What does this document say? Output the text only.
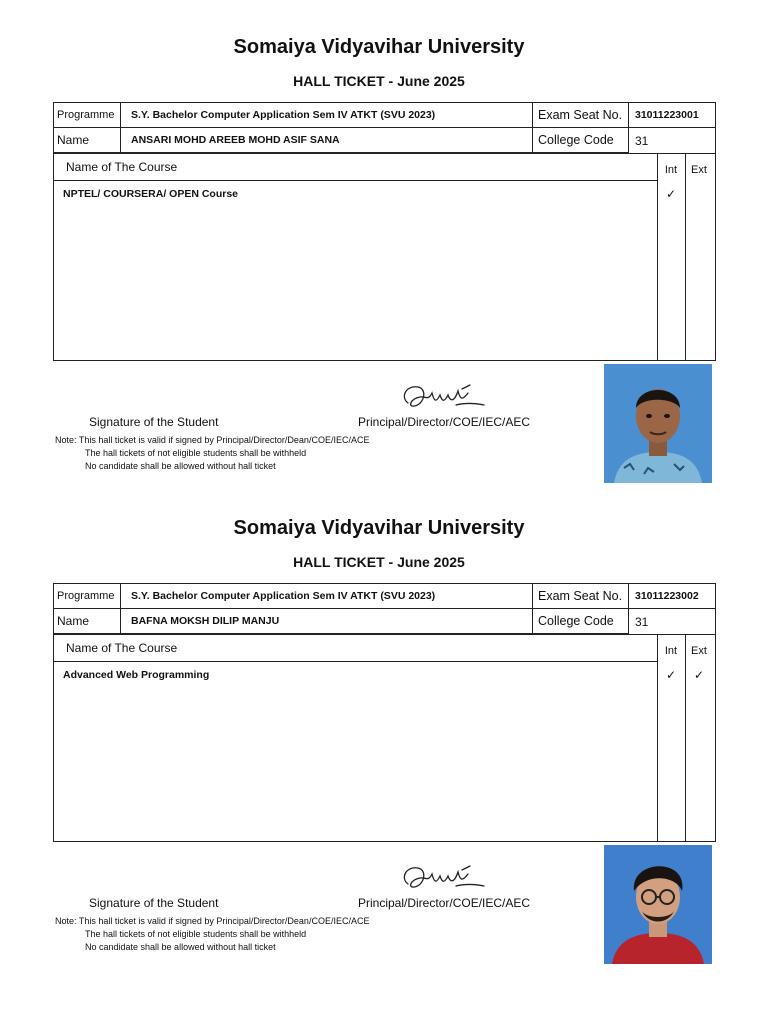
Somaiya Vidyavihar University
HALL TICKET - June 2025
Programme	S.Y. Bachelor Computer Application Sem IV ATKT (SVU 2023)	Exam Seat No.	31011223001
Name	ANSARI MOHD AREEB MOHD ASIF SANA	College Code	31
Name of The Course	Int	Ext
NPTEL/ COURSERA/ OPEN Course	✓
Signature of the Student	Principal/Director/COE/IEC/AEC
Note: This hall ticket is valid if signed by Principal/Director/Dean/COE/IEC/ACE
The hall tickets of not eligible students shall be withheld
No candidate shall be allowed without hall ticket
Somaiya Vidyavihar University
HALL TICKET - June 2025
Programme	S.Y. Bachelor Computer Application Sem IV ATKT (SVU 2023)	Exam Seat No.	31011223002
Name	BAFNA MOKSH DILIP MANJU	College Code	31
Name of The Course	Int	Ext
Advanced Web Programming	✓	✓
Signature of the Student	Principal/Director/COE/IEC/AEC
Note: This hall ticket is valid if signed by Principal/Director/Dean/COE/IEC/ACE
The hall tickets of not eligible students shall be withheld
No candidate shall be allowed without hall ticket
